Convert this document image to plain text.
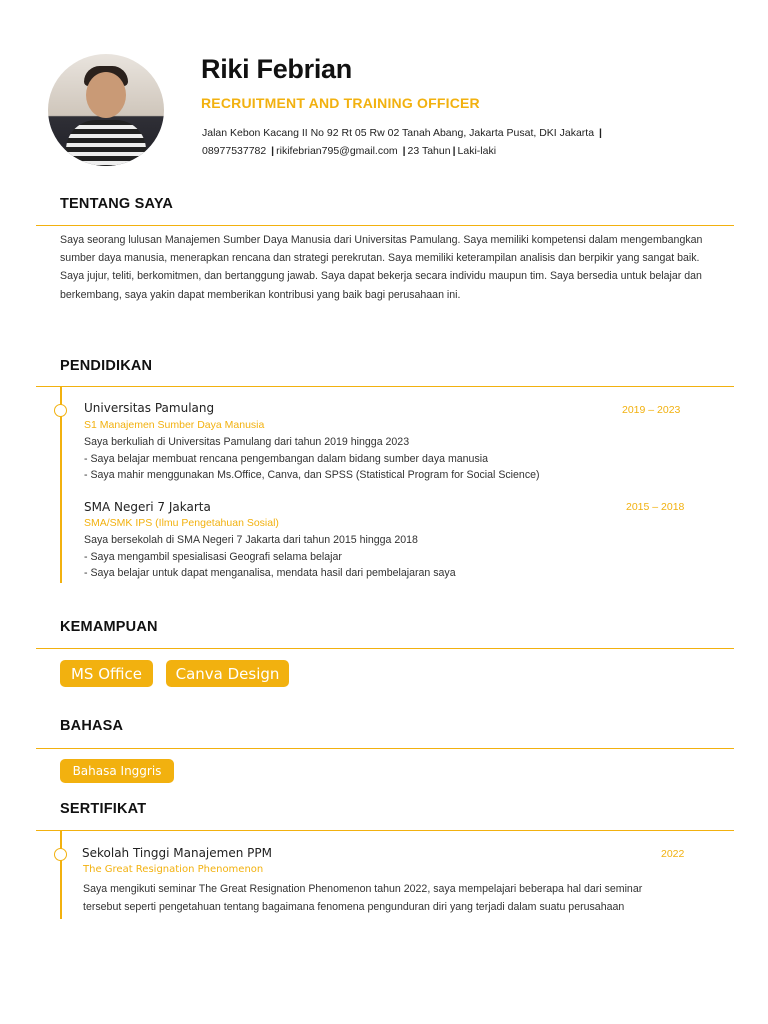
Riki Febrian
RECRUITMENT AND TRAINING OFFICER
Jalan Kebon Kacang II No 92 Rt 05 Rw 02 Tanah Abang, Jakarta Pusat, DKI Jakarta |
08977537782 | rikifebrian795@gmail.com | 23 Tahun | Laki-laki
TENTANG SAYA
Saya seorang lulusan Manajemen Sumber Daya Manusia dari Universitas Pamulang. Saya memiliki kompetensi dalam mengembangkan sumber daya manusia, menerapkan rencana dan strategi perekrutan. Saya memiliki keterampilan analisis dan berpikir yang sangat baik. Saya jujur, teliti, berkomitmen, dan bertanggung jawab. Saya dapat bekerja secara individu maupun tim. Saya bersedia untuk belajar dan berkembang, saya yakin dapat memberikan kontribusi yang baik bagi perusahaan ini.
PENDIDIKAN
Universitas Pamulang	2019 – 2023
S1 Manajemen Sumber Daya Manusia
Saya berkuliah di Universitas Pamulang dari tahun 2019 hingga 2023
- Saya belajar membuat rencana pengembangan dalam bidang sumber daya manusia
- Saya mahir menggunakan Ms.Office, Canva, dan SPSS (Statistical Program for Social Science)
SMA Negeri 7 Jakarta	2015 – 2018
SMA/SMK IPS (Ilmu Pengetahuan Sosial)
Saya bersekolah di SMA Negeri 7 Jakarta dari tahun 2015 hingga 2018
- Saya mengambil spesialisasi Geografi selama belajar
- Saya belajar untuk dapat menganalisa, mendata hasil dari pembelajaran saya
KEMAMPUAN
MS Office	Canva Design
BAHASA
Bahasa Inggris
SERTIFIKAT
Sekolah Tinggi Manajemen PPM	2022
The Great Resignation Phenomenon
Saya mengikuti seminar The Great Resignation Phenomenon tahun 2022, saya mempelajari beberapa hal dari seminar
tersebut seperti pengetahuan tentang bagaimana fenomena pengunduran diri yang terjadi dalam suatu perusahaan
